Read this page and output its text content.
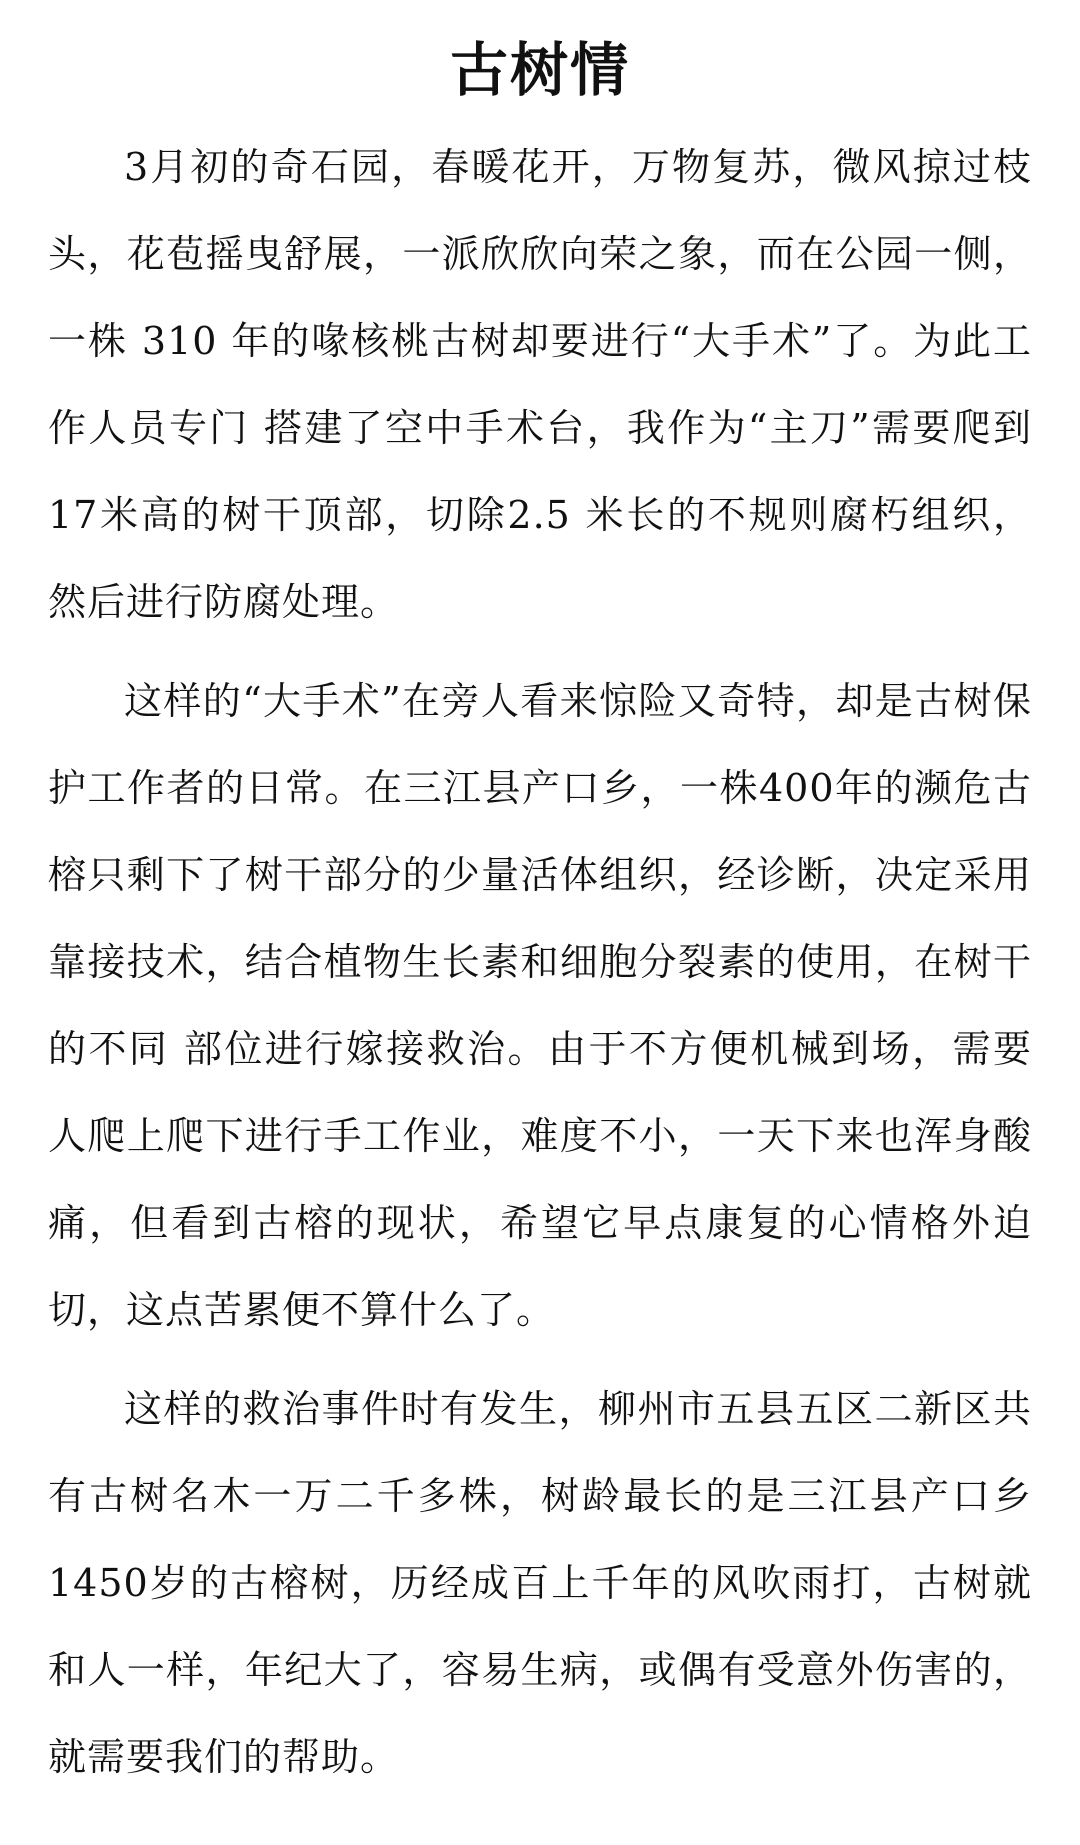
古树情

3月初的奇石园，春暖花开，万物复苏，微风掠过枝头，花苞摇曳舒展，一派欣欣向荣之象，而在公园一侧，一株 310 年的喙核桃古树却要进行“大手术”了。为此工作人员专门 搭建了空中手术台，我作为“主刀”需要爬到17米高的树干顶部，切除2.5 米长的不规则腐朽组织，然后进行防腐处理。

这样的“大手术”在旁人看来惊险又奇特，却是古树保护工作者的日常。在三江县产口乡，一株400年的濒危古榕只剩下了树干部分的少量活体组织，经诊断，决定采用靠接技术，结合植物生长素和细胞分裂素的使用，在树干的不同 部位进行嫁接救治。由于不方便机械到场，需要人爬上爬下进行手工作业，难度不小，一天下来也浑身酸痛，但看到古榕的现状，希望它早点康复的心情格外迫切，这点苦累便不算什么了。

这样的救治事件时有发生，柳州市五县五区二新区共有古树名木一万二千多株，树龄最长的是三江县产口乡1450岁的古榕树，历经成百上千年的风吹雨打，古树就和人一样，年纪大了，容易生病，或偶有受意外伤害的，就需要我们的帮助。
